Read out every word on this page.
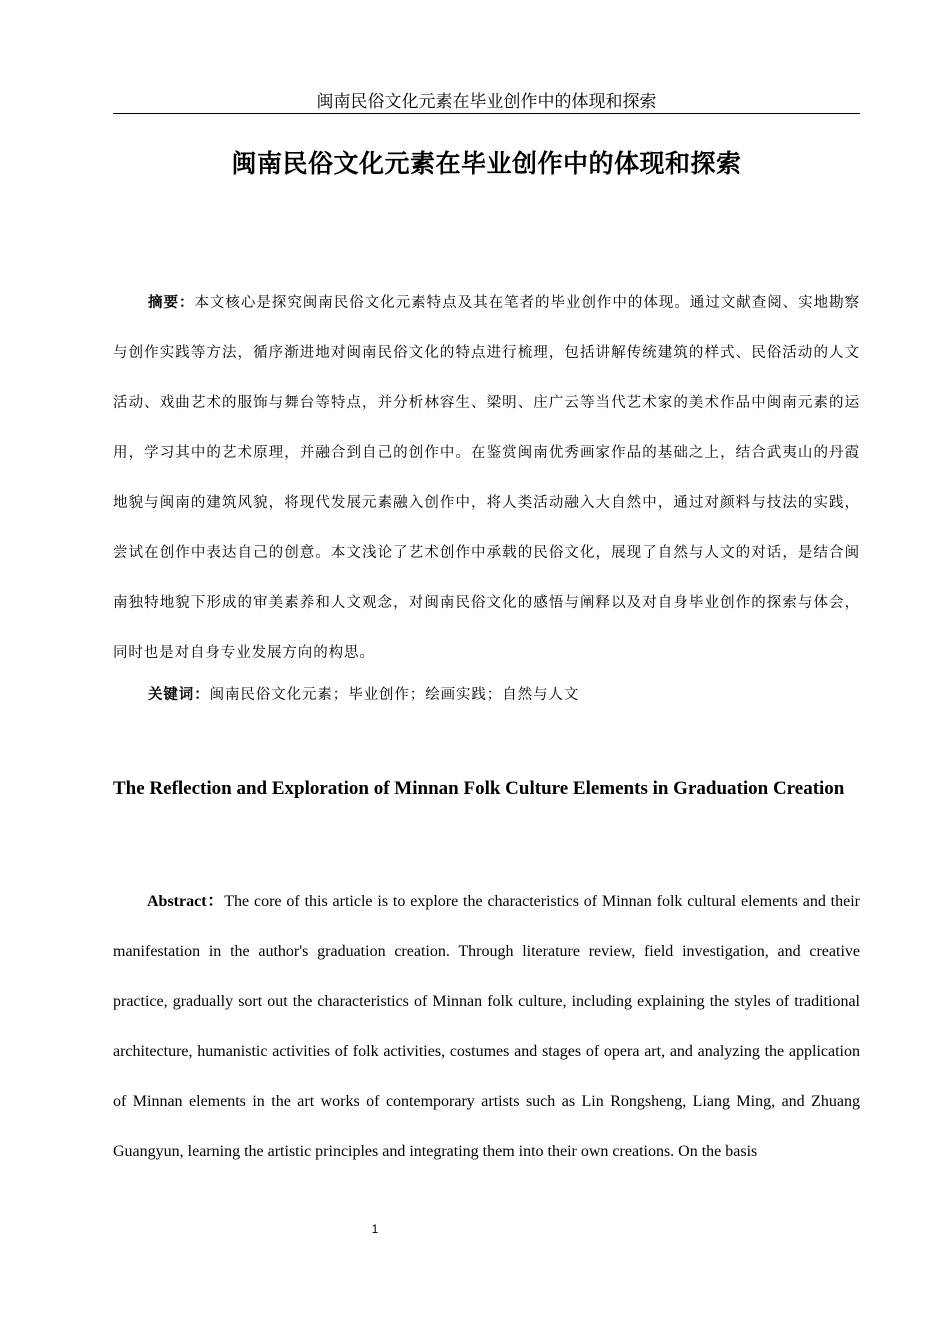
闽南民俗文化元素在毕业创作中的体现和探索
闽南民俗文化元素在毕业创作中的体现和探索

摘要：本文核心是探究闽南民俗文化元素特点及其在笔者的毕业创作中的体现。通过文献查阅、实地勘察与创作实践等方法，循序渐进地对闽南民俗文化的特点进行梳理，包括讲解传统建筑的样式、民俗活动的人文活动、戏曲艺术的服饰与舞台等特点，并分析林容生、梁明、庄广云等当代艺术家的美术作品中闽南元素的运用，学习其中的艺术原理，并融合到自己的创作中。在鉴赏闽南优秀画家作品的基础之上，结合武夷山的丹霞地貌与闽南的建筑风貌，将现代发展元素融入创作中，将人类活动融入大自然中，通过对颜料与技法的实践，尝试在创作中表达自己的创意。本文浅论了艺术创作中承载的民俗文化，展现了自然与人文的对话，是结合闽南独特地貌下形成的审美素养和人文观念，对闽南民俗文化的感悟与阐释以及对自身毕业创作的探索与体会，同时也是对自身专业发展方向的构思。

关键词：闽南民俗文化元素；毕业创作；绘画实践；自然与人文

The Reflection and Exploration of Minnan Folk Culture Elements in Graduation Creation

Abstract：The core of this article is to explore the characteristics of Minnan folk cultural elements and their manifestation in the author's graduation creation. Through literature review, field investigation, and creative practice, gradually sort out the characteristics of Minnan folk culture, including explaining the styles of traditional architecture, humanistic activities of folk activities, costumes and stages of opera art, and analyzing the application of Minnan elements in the art works of contemporary artists such as Lin Rongsheng, Liang Ming, and Zhuang Guangyun, learning the artistic principles and integrating them into their own creations. On the basis

1
